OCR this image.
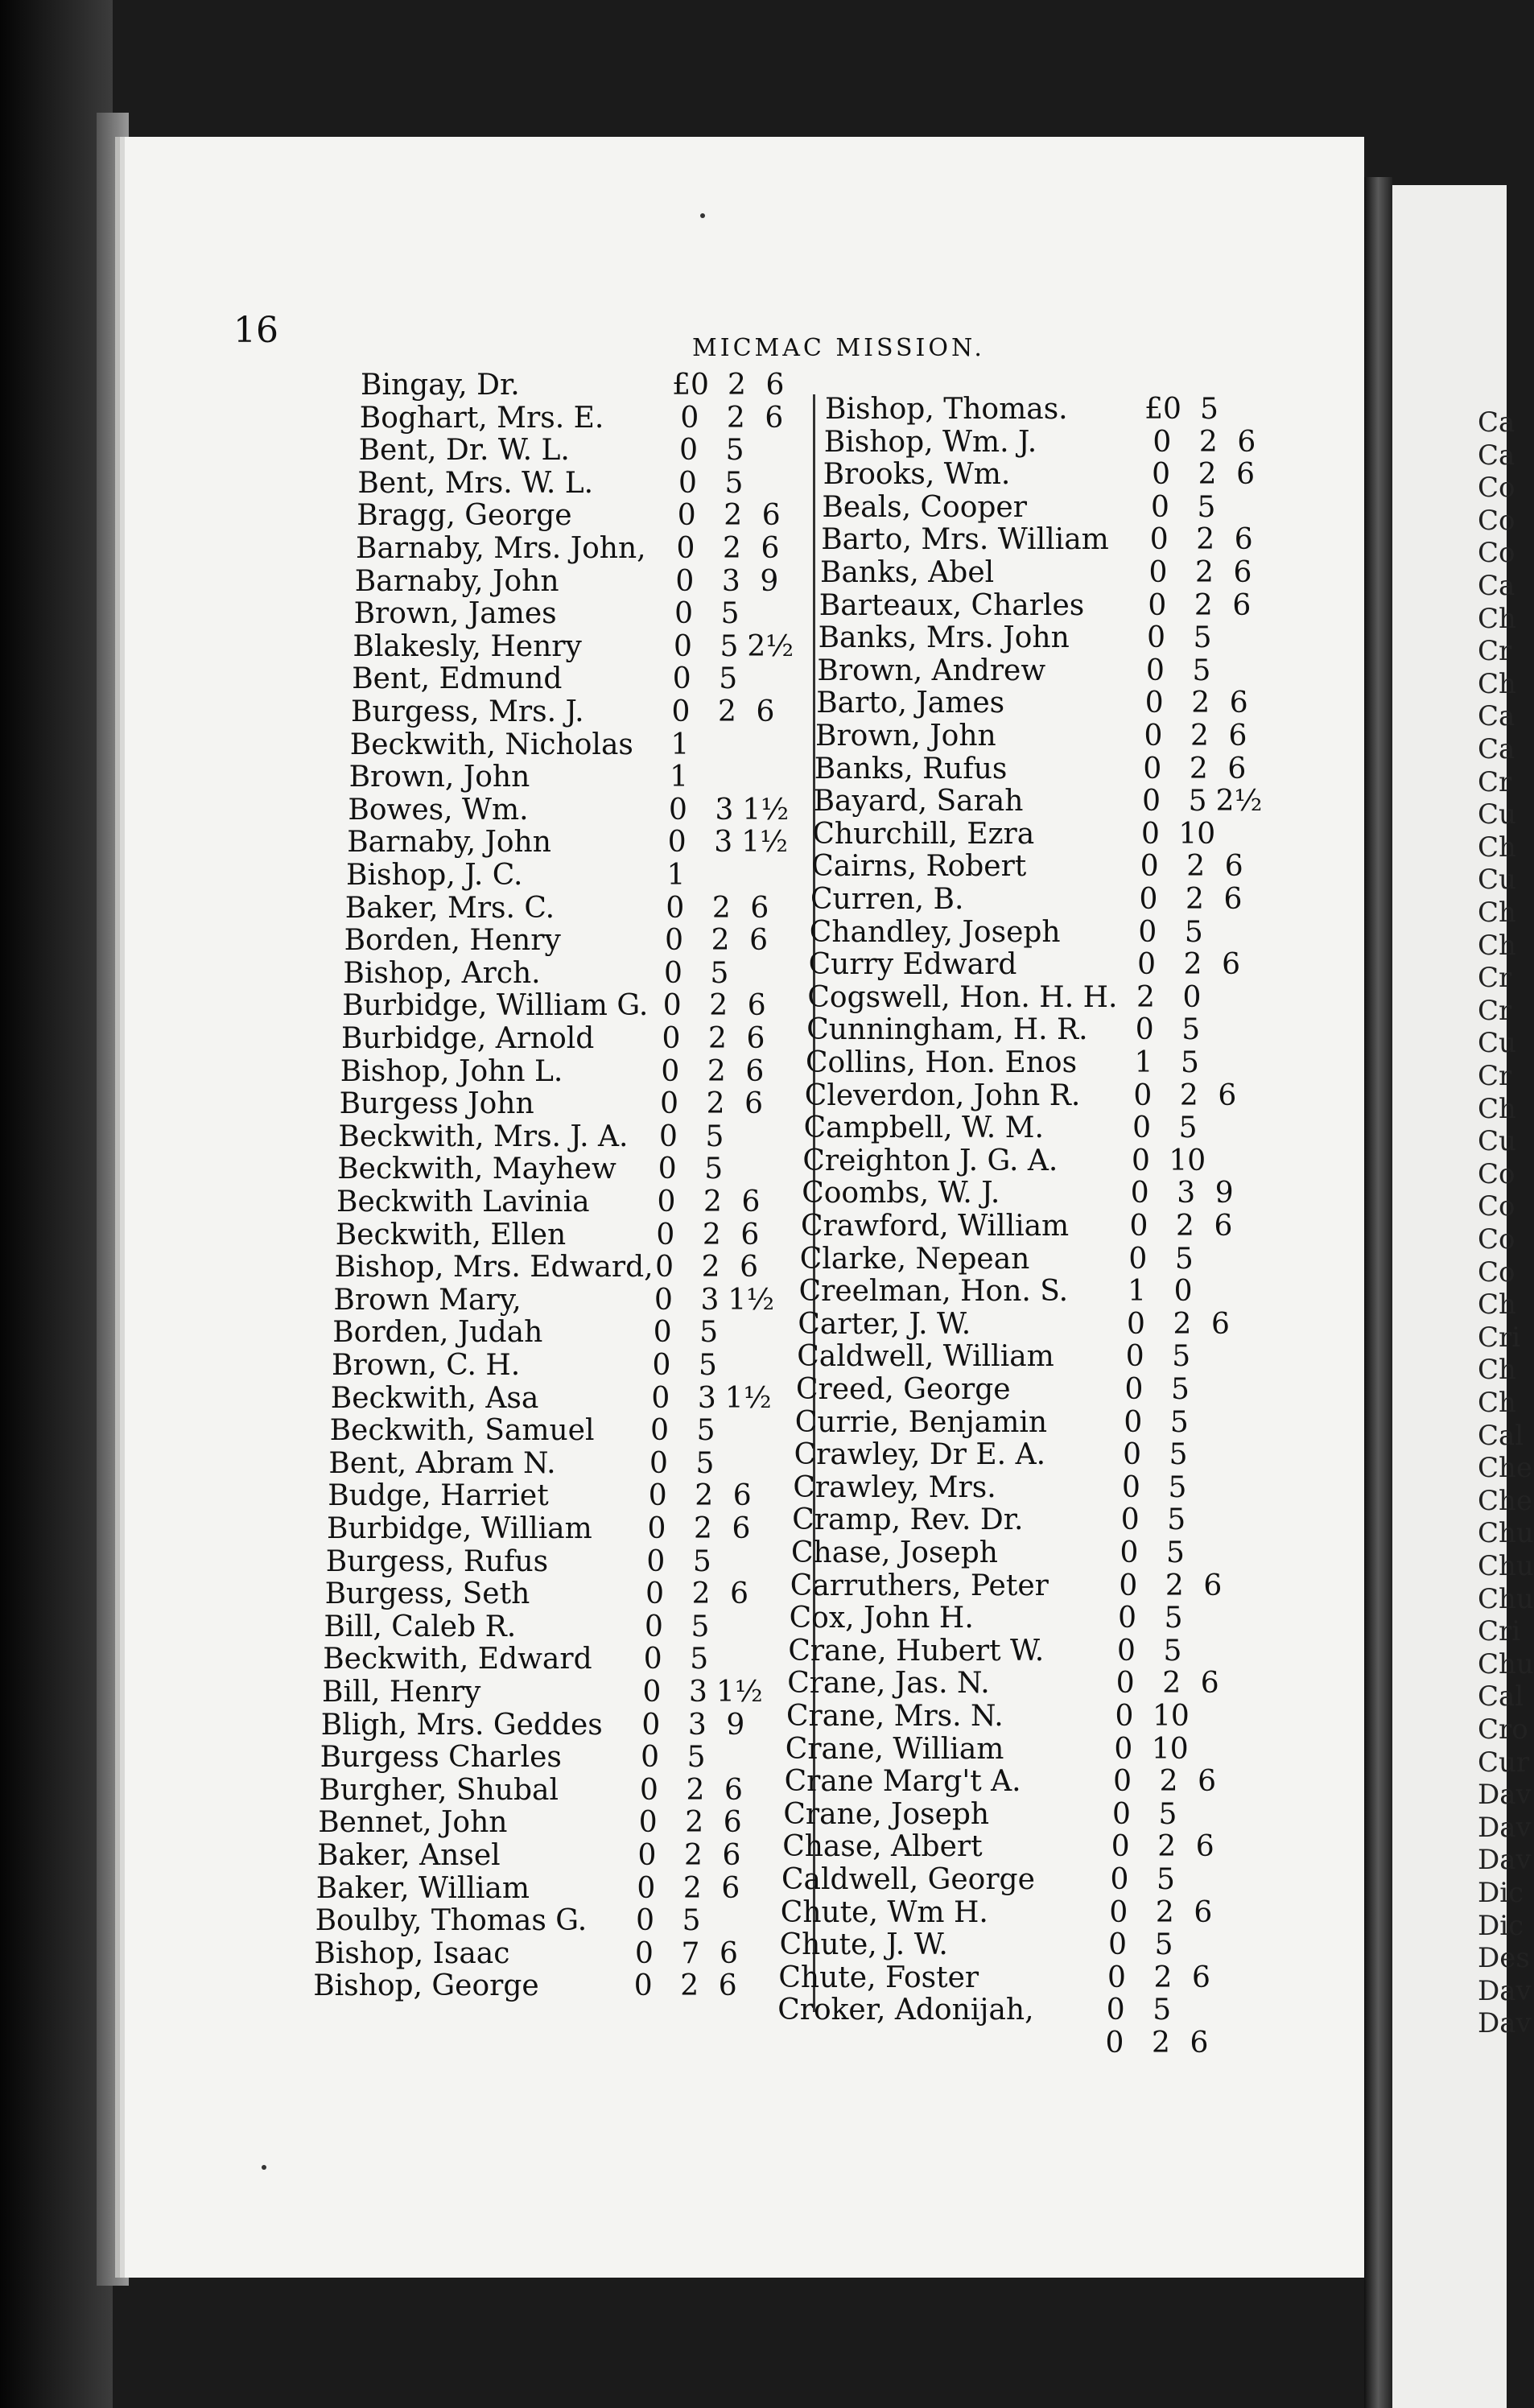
16	MICMAC MISSION.
Bingay, Dr.	£0 2 6
Boghart, Mrs. E.	0 2 6
Bent, Dr. W. L.	0 5
Bent, Mrs. W. L.	0 5
Bragg, George	0 2 6
Barnaby, Mrs. John,	0 2 6
Barnaby, John	0 3 9
Brown, James	0 5
Blakesly, Henry	0 5 2½
Bent, Edmund	0 5
Burgess, Mrs. J.	0 2 6
Beckwith, Nicholas	1
Brown, John	1
Bowes, Wm.	0 3 1½
Barnaby, John	0 3 1½
Bishop, J. C.	1
Baker, Mrs. C.	0 2 6
Borden, Henry	0 2 6
Bishop, Arch.	0 5
Burbidge, William G. 0 2 6
Burbidge, Arnold	0 2 6
Bishop, John L.	0 2 6
Burgess John	0 2 6
Beckwith, Mrs. J. A.	0 5
Beckwith, Mayhew	0 5
Beckwith Lavinia	0 2 6
Beckwith, Ellen	0 2 6
Bishop, Mrs. Edward, 0 2 6
Brown Mary,	0 3 1½
Borden, Judah	0 5
Brown, C. H.	0 5
Beckwith, Asa	0 3 1½
Beckwith, Samuel	0 5
Bent, Abram N.	0 5
Budge, Harriet	0 2 6
Burbidge, William	0 2 6
Burgess, Rufus	0 5
Burgess, Seth	0 2 6
Bill, Caleb R.	0 5
Beckwith, Edward	0 5
Bill, Henry	0 3 1½
Bligh, Mrs. Geddes	0 3 9
Burgess Charles	0 5
Burgher, Shubal	0 2 6
Bennet, John	0 2 6
Baker, Ansel	0 2 6
Baker, William	0 2 6
Boulby, Thomas G.	0 5
Bishop, Isaac	0 7 6
Bishop, George	0 2 6
Bishop, Thomas.	£0 5
Bishop, Wm. J.	0 2 6
Brooks, Wm.	0 2 6
Beals, Cooper	0 5
Barto, Mrs. William	0 2 6
Banks, Abel	0 2 6
Barteaux, Charles	0 2 6
Banks, Mrs. John	0 5
Brown, Andrew	0 5
Barto, James	0 2 6
Brown, John	0 2 6
Banks, Rufus	0 2 6
Bayard, Sarah	0 5 2½
Churchill, Ezra	0 10
Cairns, Robert	0 2 6
Curren, B.	0 2 6
Chandley, Joseph	0 5
Curry Edward	0 2 6
Cogswell, Hon. H. H. 2 0
Cunningham, H. R.	0 5
Collins, Hon. Enos	1 5
Cleverdon, John R.	0 2 6
Campbell, W. M.	0 5
Creighton J. G. A.	0 10
Coombs, W. J.	0 3 9
Crawford, William	0 2 6
Clarke, Nepean	0 5
Creelman, Hon. S.	1 0
Carter, J. W.	0 2 6
Caldwell, William	0 5
Creed, George	0 5
Currie, Benjamin	0 5
Crawley, Dr E. A.	0 5
Crawley, Mrs.	0 5
Cramp, Rev. Dr.	0 5
Chase, Joseph	0 5
Carruthers, Peter	0 2 6
Cox, John H.	0 5
Crane, Hubert W.	0 5
Crane, Jas. N.	0 2 6
Crane, Mrs. N.	0 10
Crane, William	0 10
Crane Marg't A.	0 2 6
Crane, Joseph	0 5
Chase, Albert	0 2 6
Caldwell, George	0 5
Chute, Wm H.	0 2 6
Chute, J. W.	0 5
Chute, Foster	0 2 6
Croker, Adonijah,	0 5
0 2 6
Ca
Ca
Co
Co
Co
Ca
Ch
Cr
Ch
Ca
Ca
Cr
Cu
Ch
Cu
Ch
Ch
Cr
Cr
Cu
Cr
Ch
Cu
Co
Co
Co
Co
Ch
Cri
Ch
Ch
Cal
Che
Che
Chu
Chu
Chu
Cri
Chu
Cal
Cro
Cur
Dav
Dav
Dav
Dic
Dic
Des
Dav
Dav
